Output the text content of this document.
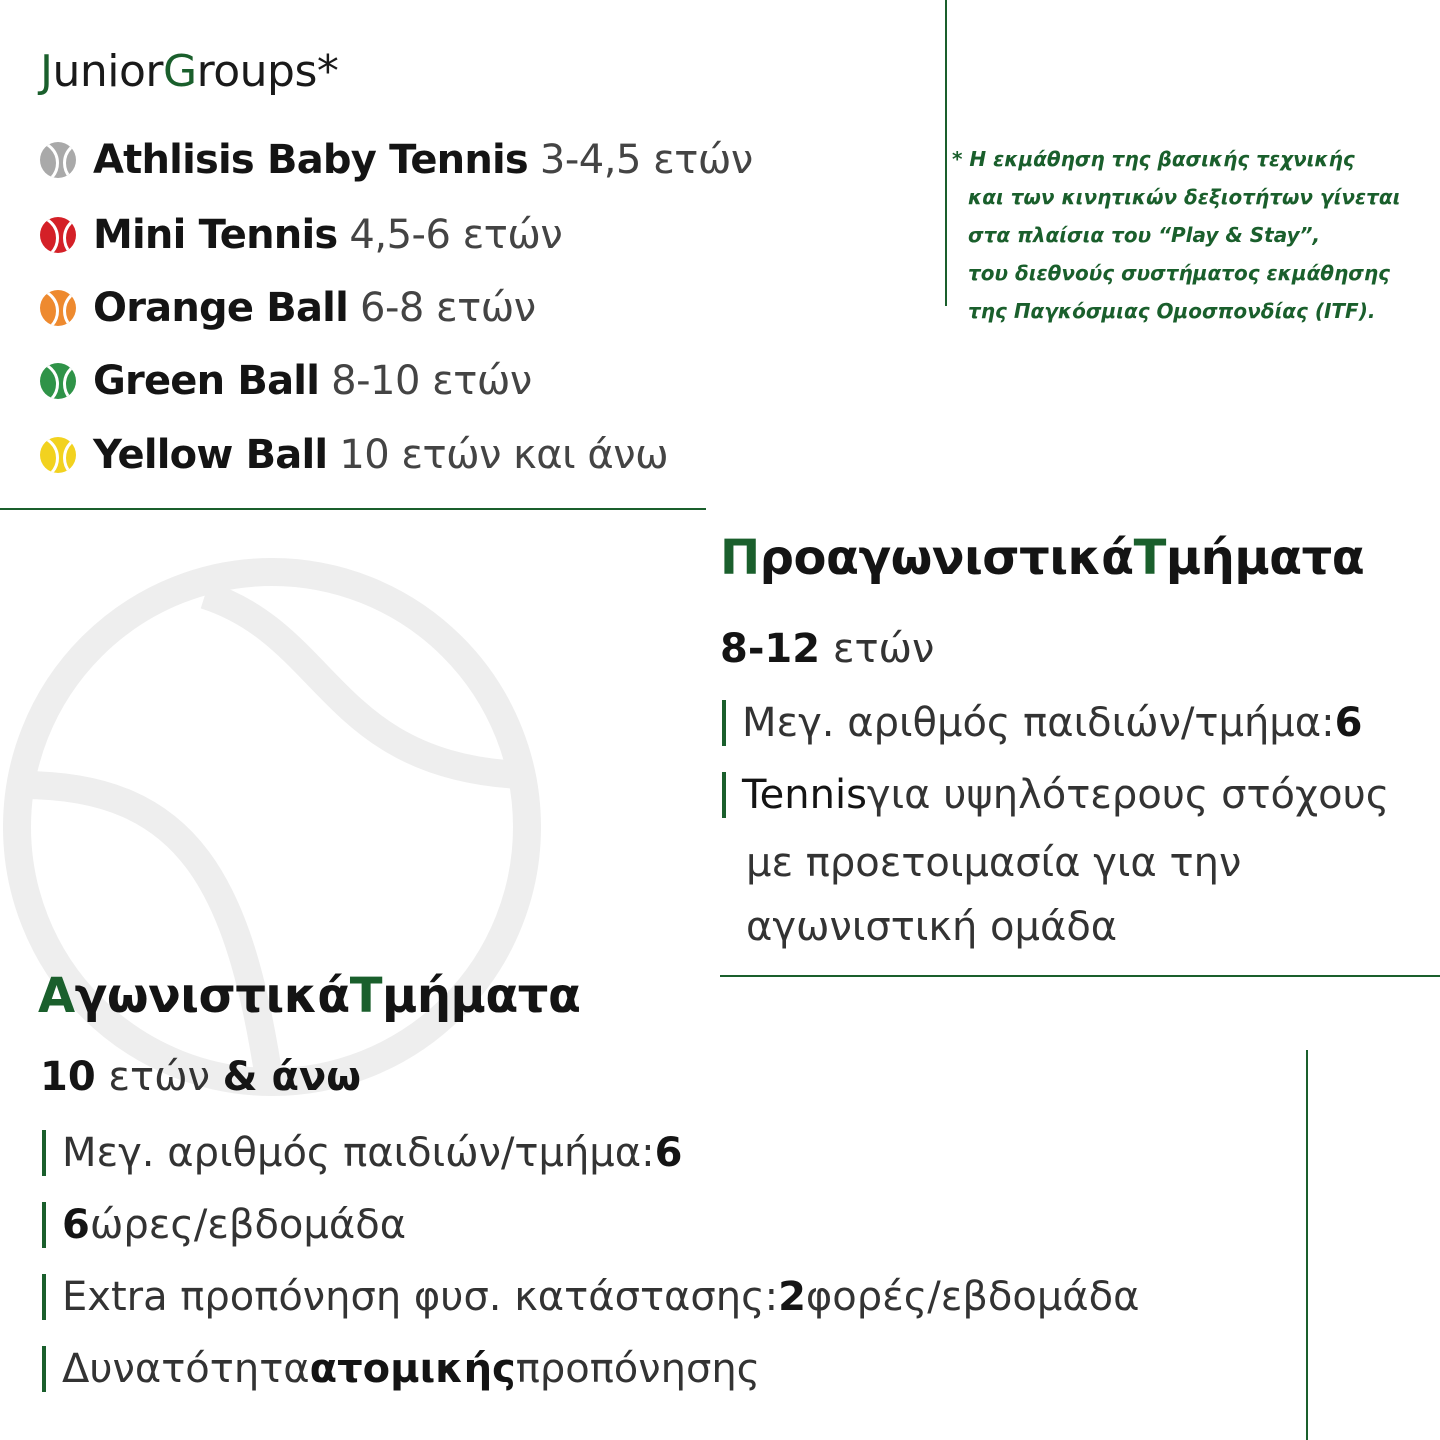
JuniorGroups*
Athlisis Baby Tennis 3-4,5 ετών
Mini Tennis 4,5-6 ετών
Orange Ball 6-8 ετών
Green Ball 8-10 ετών
Yellow Ball 10 ετών και άνω
* Η εκμάθηση της βασικής τεχνικής
και των κινητικών δεξιοτήτων γίνεται
στα πλαίσια του “Play & Stay”,
του διεθνούς συστήματος εκμάθησης
της Παγκόσμιας Ομοσπονδίας (ITF).
ΠροαγωνιστικάΤμήματα
8-12 ετών
Μεγ. αριθμός παιδιών/τμήμα: 6
Tennis για υψηλότερους στόχους
με προετοιμασία για την
αγωνιστική ομάδα
ΑγωνιστικάΤμήματα
10 ετών & άνω
Μεγ. αριθμός παιδιών/τμήμα: 6
6 ώρες/εβδομάδα
Extra προπόνηση φυσ. κατάστασης: 2 φορές/εβδομάδα
Δυνατότητα ατομικής προπόνησης
